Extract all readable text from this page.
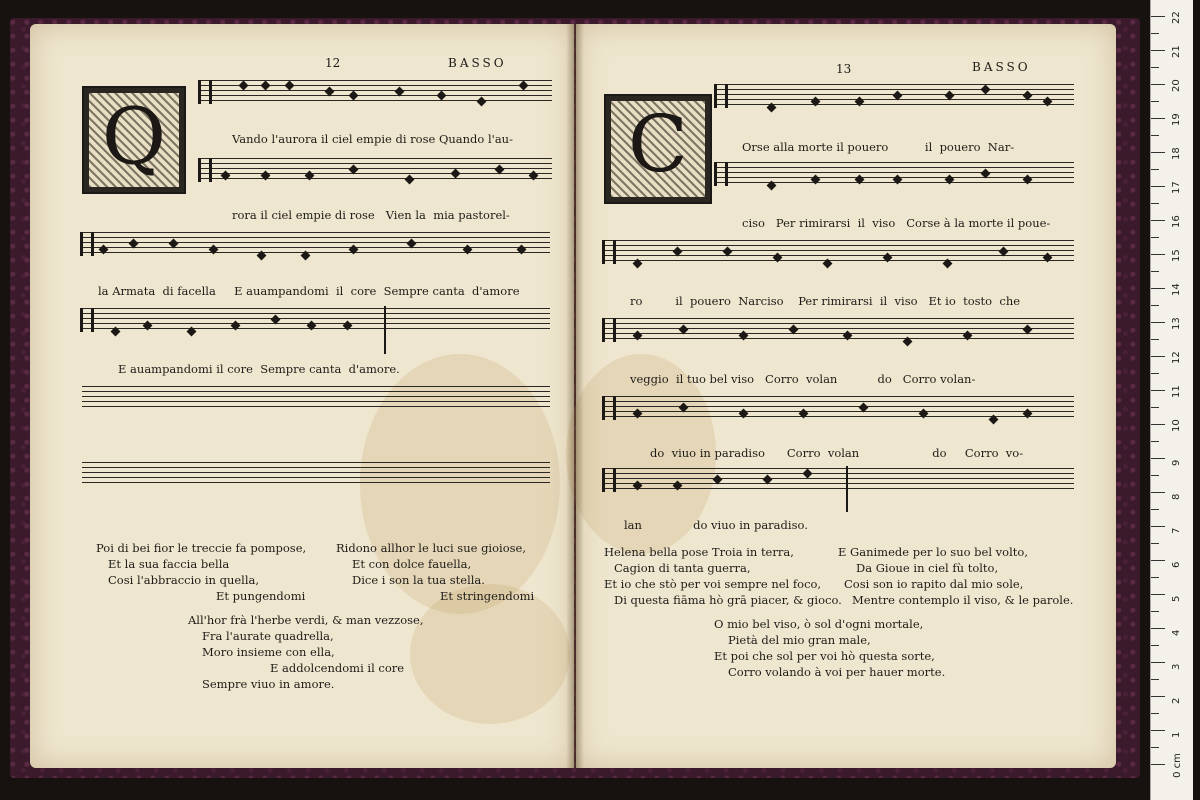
12	BASSO
Q	Vando l'aurora il ciel empie di rose Quando l'au-
rora il ciel empie di rose   Vien la  mia pastorel-
la Armata  di facella     E auampandomi  il  core  Sempre canta  d'amore
E auampandomi il core  Sempre canta  d'amore.
Poi di bei fior le treccie fa pompose,
Et la sua faccia bella
Cosi l'abbraccio in quella,
Et pungendomi
Ridono allhor le luci sue gioiose,
Et con dolce fauella,
Dice i son la tua stella.
Et stringendomi
All'hor frà l'herbe verdi, & man vezzose,
Fra l'aurate quadrella,
Moro insieme con ella,
E addolcendomi il core
Sempre viuo in amore.
13	BASSO
C	Orse alla morte il pouero          il  pouero  Nar-
ciso   Per rimirarsi  il  viso   Corse à la morte il poue-
ro         il  pouero  Narciso    Per rimirarsi  il  viso   Et io  tosto  che
veggio  il tuo bel viso   Corro  volan           do   Corro volan-
do  viuo in paradiso      Corro  volan                    do     Corro  vo-
lan              do viuo in paradiso.
Helena bella pose Troia in terra,
Cagion di tanta guerra,
Et io che stò per voi sempre nel foco,
Di questa fiāma hò grā piacer, & gioco.
E Ganimede per lo suo bel volto,
Da Gioue in ciel fù tolto,
Cosi son io rapito dal mio sole,
Mentre contemplo il viso, & le parole.
O mio bel viso, ò sol d'ogni mortale,
Pietà del mio gran male,
Et poi che sol per voi hò questa sorte,
Corro volando à voi per hauer morte.
0 cm
1
2
3
4
5
6
7
8
9
10
11
12
13
14
15
16
17
18
19
20
21
22
